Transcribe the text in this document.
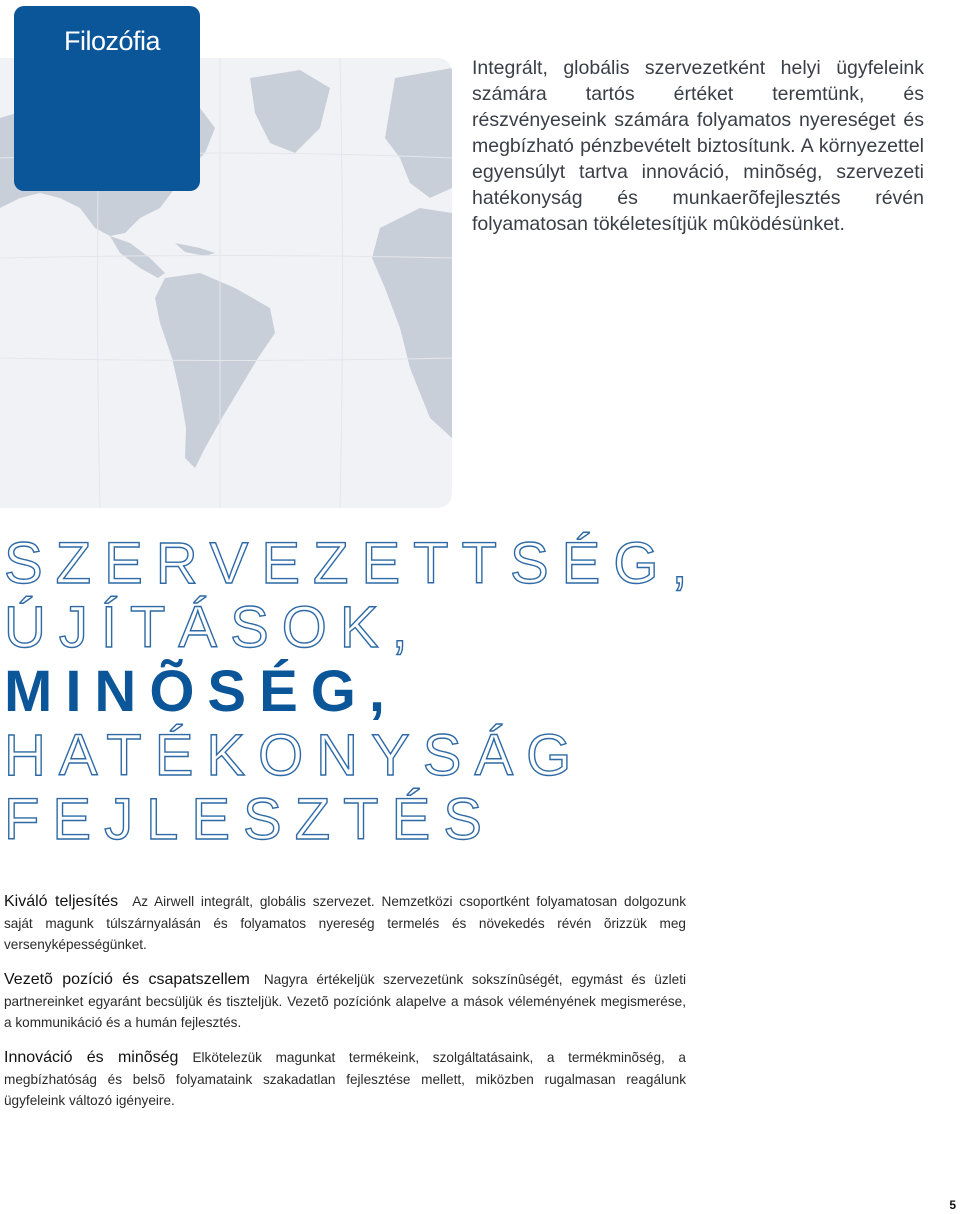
Filozófia

Integrált, globális szervezetként helyi ügyfeleink számára tartós értéket teremtünk, és részvényeseink számára folyamatos nyereséget és megbízható pénzbevételt biztosítunk. A környezettel egyensúlyt tartva innováció, minõség, szervezeti hatékonyság és munkaerõfejlesztés révén folyamatosan tökéletesítjük mûködésünket.

SZERVEZETTSÉG,
ÚJÍTÁSOK,
MINÕSÉG,
HATÉKONYSÁG
FEJLESZTÉS

Kiváló teljesítés Az Airwell integrált, globális szervezet. Nemzetközi csoportként folyamatosan dolgozunk saját magunk túlszárnyalásán és folyamatos nyereség termelés és növekedés révén õrizzük meg versenyképességünket.

Vezetõ pozíció és csapatszellem Nagyra értékeljük szervezetünk sokszínûségét, egymást és üzleti partnereinket egyaránt becsüljük és tiszteljük. Vezetõ pozíciónk alapelve a mások véleményének megismerése, a kommunikáció és a humán fejlesztés.

Innováció és minõség Elkötelezük magunkat termékeink, szolgáltatásaink, a termékminõség, a megbízhatóság és belsõ folyamataink szakadatlan fejlesztése mellett, miközben rugalmasan reagálunk ügyfeleink változó igényeire.

5
